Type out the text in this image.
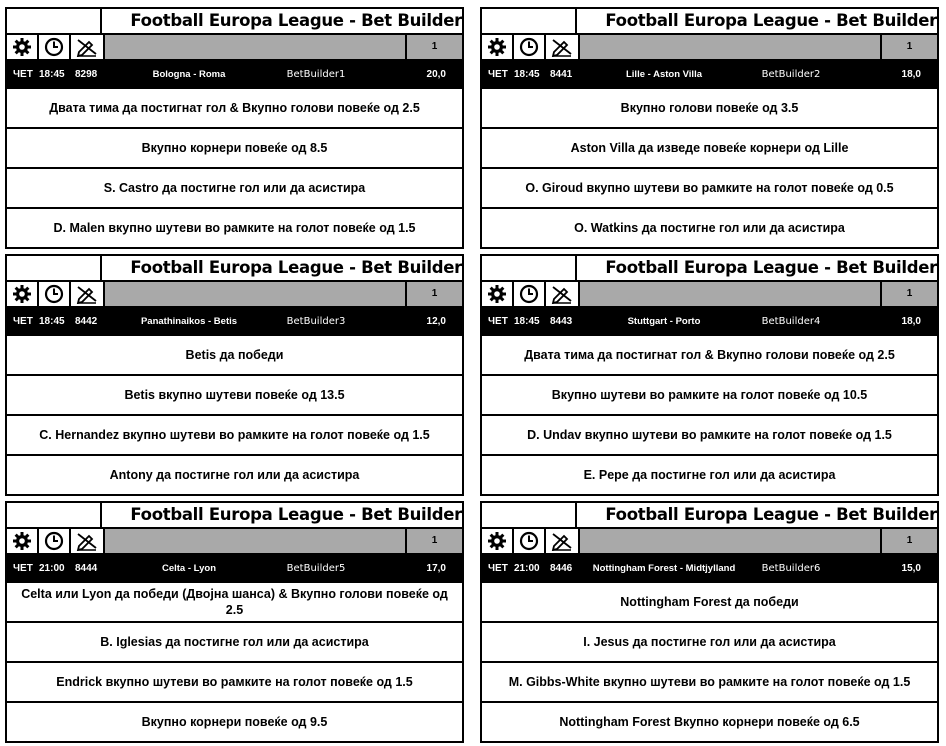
Football Europa League - Bet Builder
1
ЧЕТ 18:45	8298	Bologna - Roma	BetBuilder1	20,0
Двата тима да постигнат гол & Вкупно голови повеќе од 2.5
Вкупно корнери повеќе од 8.5
S. Castro да постигне гол или да асистира
D. Malen вкупно шутеви во рамките на голот повеќе од 1.5
Football Europa League - Bet Builder
1
ЧЕТ 18:45	8441	Lille - Aston Villa	BetBuilder2	18,0
Вкупно голови повеќе од 3.5
Aston Villa да изведе повеќе корнери од Lille
O. Giroud вкупно шутеви во рамките на голот повеќе од 0.5
O. Watkins да постигне гол или да асистира
Football Europa League - Bet Builder
1
ЧЕТ 18:45	8442	Panathinaikos - Betis	BetBuilder3	12,0
Betis да победи
Betis вкупно шутеви повеќе од 13.5
C. Hernandez вкупно шутеви во рамките на голот повеќе од 1.5
Antony да постигне гол или да асистира
Football Europa League - Bet Builder
1
ЧЕТ 18:45	8443	Stuttgart - Porto	BetBuilder4	18,0
Двата тима да постигнат гол & Вкупно голови повеќе од 2.5
Вкупно шутеви во рамките на голот повеќе од 10.5
D. Undav вкупно шутеви во рамките на голот повеќе од 1.5
E. Pepe да постигне гол или да асистира
Football Europa League - Bet Builder
1
ЧЕТ 21:00	8444	Celta - Lyon	BetBuilder5	17,0
Celta или Lyon да победи (Двојна шанса) & Вкупно голови повеќе од 2.5
B. Iglesias да постигне гол или да асистира
Endrick вкупно шутеви во рамките на голот повеќе од 1.5
Вкупно корнери повеќе од 9.5
Football Europa League - Bet Builder
1
ЧЕТ 21:00	8446	Nottingham Forest - Midtjylland	BetBuilder6	15,0
Nottingham Forest да победи
I. Jesus да постигне гол или да асистира
M. Gibbs-White вкупно шутеви во рамките на голот повеќе од 1.5
Nottingham Forest Вкупно корнери повеќе од 6.5
